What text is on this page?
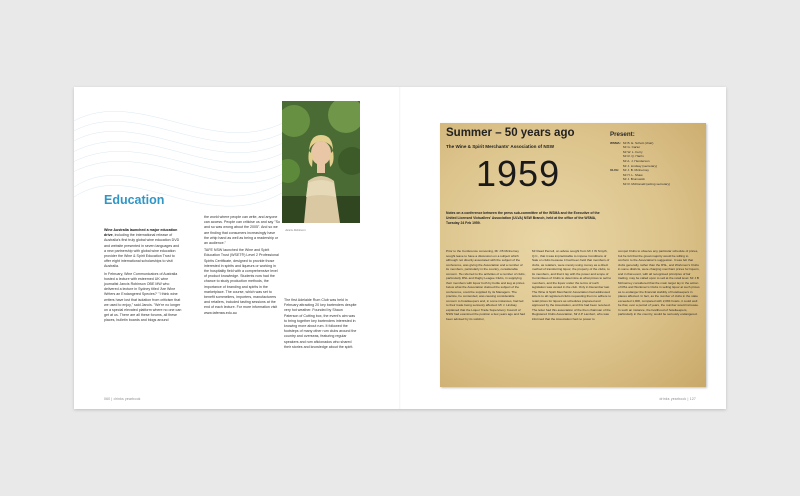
Education

Wine Australia launched a major education drive, including the international release of Australia's first truly global wine education DVD and website presented in seven languages and a new partnership with global wine education provider the Wine & Spirit Education Trust to offer eight international scholarships to visit Australia.

In February, Wine Communicators of Australia hosted a lecture with esteemed UK wine journalist Jancis Robinson OBE MW who delivered a lecture in Sydney titled 'Are Wine Writers an Endangered Species?' "I think wine writers have lost that isolation from criticism that we used to enjoy," said Jancis. "We're no longer on a special elevated platform where no one can get at us. There are all these forums, all these places, bulletin boards and blogs around

the world where people can write, and anyone can access. People can criticise us and say "So and so was wrong about the 2005". And so we are finding that consumers increasingly have the whip hand as well as being a readership or an audience."

TAFE NSW launched the Wine and Spirit Education Trust (WSET®) Level 2 Professional Spirits Certificate, designed to provide those interested in spirits and liqueurs or working in the hospitality field with a comprehensive level of product knowledge. Students now had the chance to study production methods, the importance of branding and spirits in the marketplace. The course, which was set to benefit sommeliers, importers, manufacturers and retailers, included tasting sessions at the end of each lecture. For more information visit www.tafensw.edu.au

Jancis Robinson

The first Adelaide Rum Club was held in February attracting 20 key bartenders despite very hot weather. Founded by Shaun Paterson of Cutting box, the event's aim was to bring together key bartenders interested in knowing more about rum. It followed the footsteps of many other rum clubs around the country and overseas, featuring regular speakers and rum aficionados who shared their stories and knowledge about the spirit.

060 | drinks yearbook
Summer – 50 years ago
The Wine & Spirit Merchants' Association of NSW
1959
Notes on a conference between the press sub-committee of the WSMA and the Executive of the United Licensed Victuallers' Association (ULVA) NSW Branch, held at the office of the WSMA, Tuesday 24 Feb 1959.
Present:
WSMA: Mr B. E. Schott (chair)
Mr G. Carter
Mr W. L. Ferry
Mr R. Q. Harris
Mr A. J. Henderson
Mr J. Lindsay (secretary)
ULVA:	Mr J. B. McInerney
Mr H. L. Shaw
Mr J. Brunswick
Mr R. McDonald (acting secretary)
Prior to the Conference convening, Mr J B McInerney sought leave to have a discussion on a subject which although not directly associated with the subject of the conference, was giving the Association and a number of its members, particularly in the country, considerable concern. He referred to the activities of a number of clubs, particularly RSL and Rugby League Clubs, in supplying their members with liquor both by bottle and keg at prices below what the Association claimed the subject of the conference, could be supplied by its Managers. The practice, he contended, was causing considerable concern to hotelkeepers and, in some instances, had led to their trade being seriously affected. Mr J. Lindsay explained that the Liquor Trade Supervisory Council of NSW had examined the position a few years ago and had been advised by its solicitor,
Mr Read Percell, on advice sought from Mr J W Smyth, Q.C., that it was impracticable to impose Conditions of Sale on clubs because it had been held that members of clubs, as retailers, were merely using money as a direct method of transferring liquor, the property of the clubs, to its members, and that it lay with the power and scope of Committees of Clubs to determine at what prices to sell to members, and the liquor under the terms of such legislation was vested in the club. Only in December last The Wine & Spirit Merchants' Association had addressed letters to all registered clubs requesting them to adhere to retail prices for liquors as schedules prepared and approved by the Association, and this had been received. The letter had this association of the then chairman of the Registered Clubs Association, Mr A P Lambert, who was informed that the Association had no power to
compel Clubs to observe any particular schedule of prices, but he felt that the great majority would be willing to conform to the Association's suggestion. It was felt that clubs generally, rather than the RSL, and Workmen's Clubs in some districts, were charging merchant prices for liquors, and in that event, with all recognised principles of fair trading, may be called upon to sell at the retail level. Mr J B McInerney considered that the main target lay in the action of RSL and Workmen's Clubs in selling liquor at such prices as to endanger the financial stability of hotelkeepers in places affected. In fact, as the number of clubs in the state exceeded 1,000, compared with 2,084 hotels, it could well be that, over a period of years, the number would increase. In such an instance, the livelihood of hotelkeepers, particularly in the country, would be seriously endangered.
drinks yearbook | 127
